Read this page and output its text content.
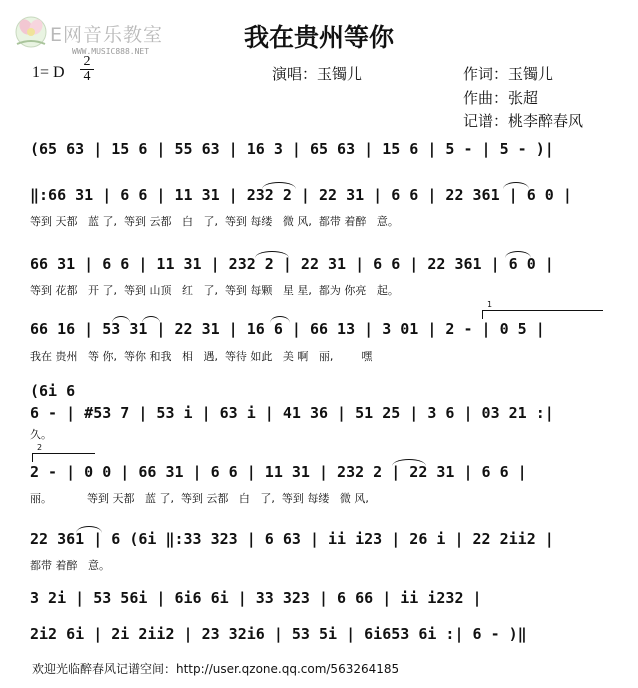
E网音乐教室
WWW.MUSIC888.NET	我在贵州等你
1= D
2
4	演唱：玉镯儿	作词：玉镯儿
作曲：张超
记谱：桃李醉春风
(65 63 | 15 6 | 55 63 | 16 3 | 65 63 | 15 6 | 5 - | 5 - )|
‖:66 31 | 6 6 | 11 31 | 232 2 | 22 31 | 6 6 | 22 361 | 6 0 |
等到 天都   蓝 了,  等到 云都   白   了,  等到 每缕   微 风,  都带 着醉   意。
66 31 | 6 6 | 11 31 | 232 2 | 22 31 | 6 6 | 22 361 | 6 0 |
等到 花都   开 了,  等到 山顶   红   了,  等到 每颗   星 星,  都为 你亮   起。
1
66 16 | 53 31 | 22 31 | 16 6 | 66 13 | 3 01 | 2 - | 0 5 |
我在 贵州   等 你,  等你 和我   相   遇,  等待 如此   美 啊   丽,        嘿
(6i 6
6 - | #53 7 | 53 i | 63 i | 41 36 | 51 25 | 3 6 | 03 21 :|
久。
2
2 - | 0 0 | 66 31 | 6 6 | 11 31 | 232 2 | 22 31 | 6 6 |
丽。          等到 天都   蓝 了,  等到 云都   白   了,  等到 每缕   微 风,
22 361 | 6 (6i ‖:33 323 | 6 63 | ii i23 | 26 i | 22 2ii2 |
都带 着醉   意。
3 2i | 53 56i | 6i6 6i | 33 323 | 6 66 | ii i232 |
2i2 6i | 2i 2ii2 | 23 32i6 | 53 5i | 6i653 6i :| 6 - )‖
欢迎光临醉春风记谱空间：http://user.qzone.qq.com/563264185
